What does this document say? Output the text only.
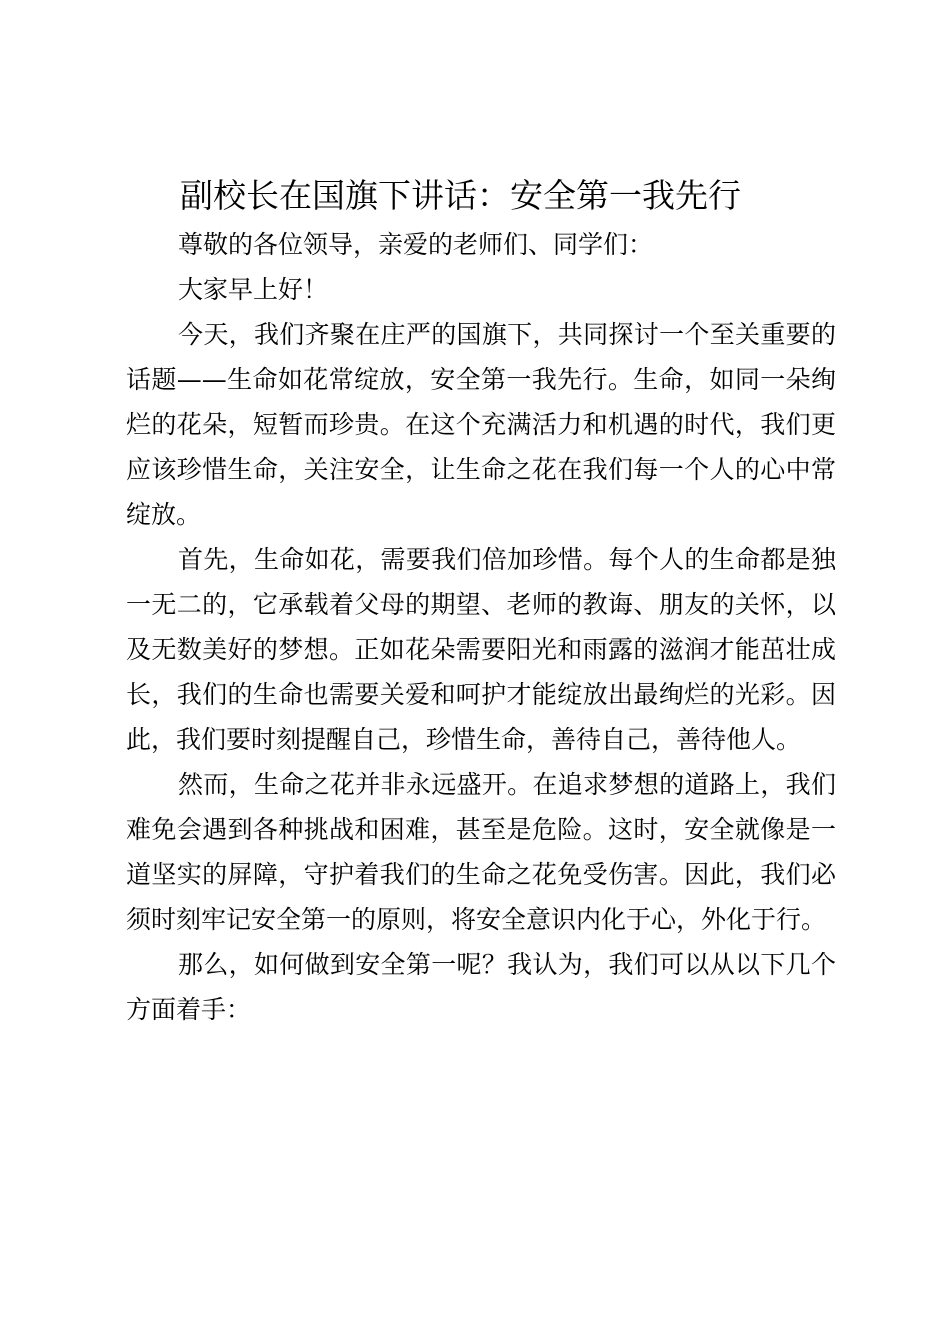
副校长在国旗下讲话：安全第一我先行

尊敬的各位领导，亲爱的老师们、同学们：

大家早上好！

今天，我们齐聚在庄严的国旗下，共同探讨一个至关重要的话题——生命如花常绽放，安全第一我先行。生命，如同一朵绚烂的花朵，短暂而珍贵。在这个充满活力和机遇的时代，我们更应该珍惜生命，关注安全，让生命之花在我们每一个人的心中常绽放。

首先，生命如花，需要我们倍加珍惜。每个人的生命都是独一无二的，它承载着父母的期望、老师的教诲、朋友的关怀，以及无数美好的梦想。正如花朵需要阳光和雨露的滋润才能茁壮成长，我们的生命也需要关爱和呵护才能绽放出最绚烂的光彩。因此，我们要时刻提醒自己，珍惜生命，善待自己，善待他人。

然而，生命之花并非永远盛开。在追求梦想的道路上，我们难免会遇到各种挑战和困难，甚至是危险。这时，安全就像是一道坚实的屏障，守护着我们的生命之花免受伤害。因此，我们必须时刻牢记安全第一的原则，将安全意识内化于心，外化于行。

那么，如何做到安全第一呢？我认为，我们可以从以下几个方面着手：
